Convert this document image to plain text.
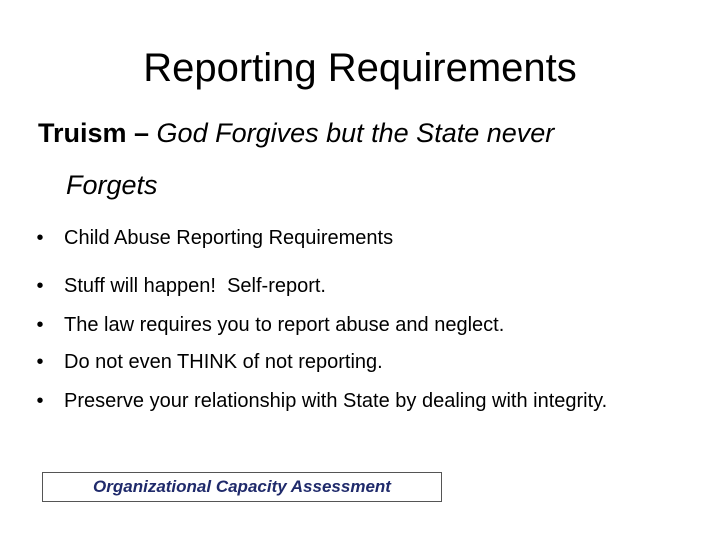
Reporting Requirements
Truism – God Forgives but the State never
Forgets
•	Child Abuse Reporting Requirements
•	Stuff will happen!  Self-report.
•	The law requires you to report abuse and neglect.
•	Do not even THINK of not reporting.
•	Preserve your relationship with State by dealing with integrity.
Organizational Capacity Assessment
